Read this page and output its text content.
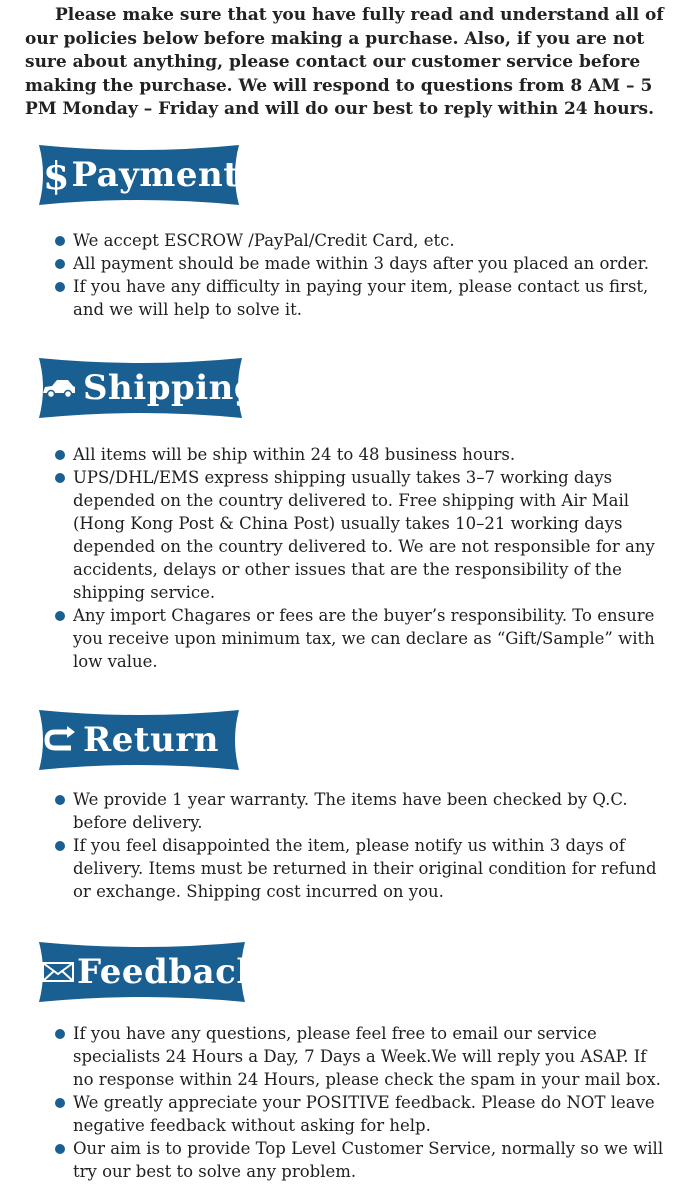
Please make sure that you have fully read and understand all of our policies below before making a purchase. Also, if you are not sure about anything, please contact our customer service before making the purchase. We will respond to questions from 8 AM – 5 PM Monday – Friday and will do our best to reply within 24 hours.

$ Payment
We accept ESCROW /PayPal/Credit Card, etc.
All payment should be made within 3 days after you placed an order.
If you have any difficulty in paying your item, please contact us first, and we will help to solve it.
Shipping
All items will be ship within 24 to 48 business hours.
UPS/DHL/EMS express shipping usually takes 3–7 working days depended on the country delivered to. Free shipping with Air Mail (Hong Kong Post & China Post) usually takes 10–21 working days depended on the country delivered to. We are not responsible for any accidents, delays or other issues that are the responsibility of the shipping service.
Any import Chagares or fees are the buyer’s responsibility. To ensure you receive upon minimum tax, we can declare as “Gift/Sample” with low value.
Return
We provide 1 year warranty. The items have been checked by Q.C. before delivery.
If you feel disappointed the item, please notify us within 3 days of delivery. Items must be returned in their original condition for refund or exchange. Shipping cost incurred on you.
Feedback
If you have any questions, please feel free to email our service specialists 24 Hours a Day, 7 Days a Week.We will reply you ASAP. If no response within 24 Hours, please check the spam in your mail box.
We greatly appreciate your POSITIVE feedback. Please do NOT leave negative feedback without asking for help.
Our aim is to provide Top Level Customer Service, normally so we will try our best to solve any problem.
